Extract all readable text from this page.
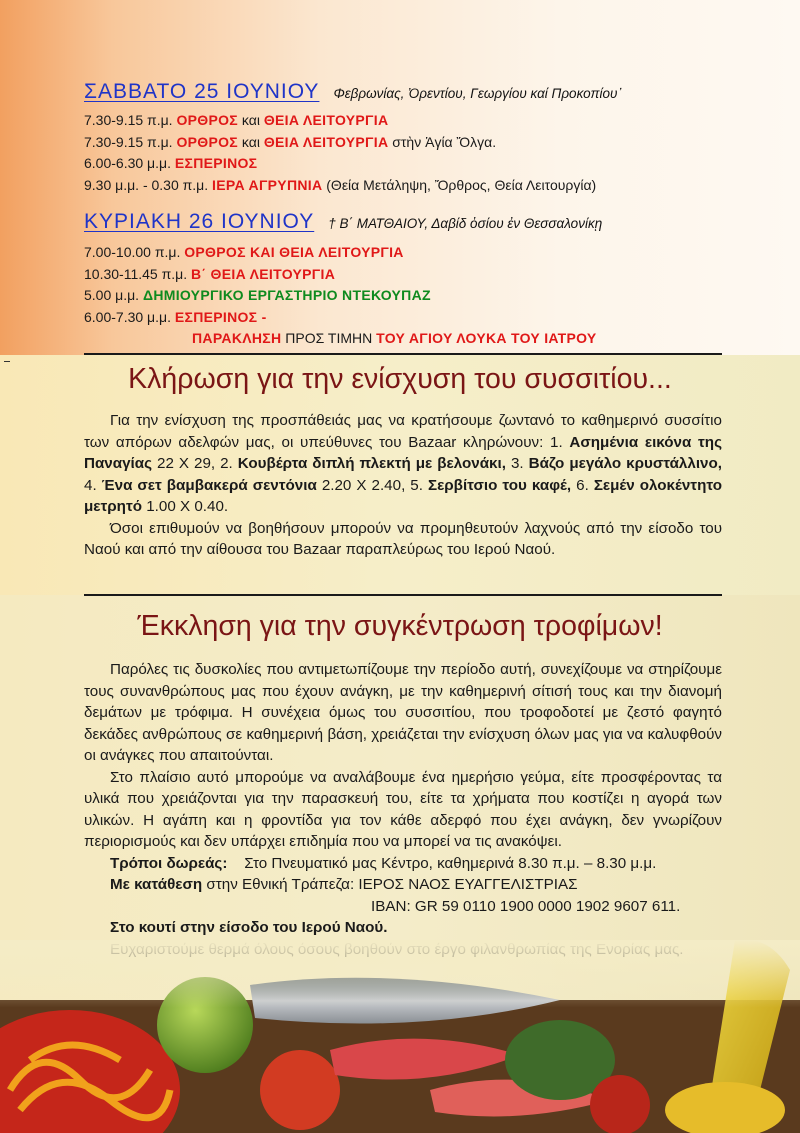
ΣΑΒΒΑΤΟ 25 ΙΟΥΝΙΟΥ Φεβρωνίας, Ὀρεντίου, Γεωργίου καί Προκοπίου᾿
7.30-9.15 π.μ. ΟΡΘΡΟΣ και ΘΕΙΑ ΛΕΙΤΟΥΡΓΙΑ
7.30-9.15 π.μ. ΟΡΘΡΟΣ και ΘΕΙΑ ΛΕΙΤΟΥΡΓΙΑ στὴν Ἁγία Ὄλγα.
6.00-6.30 μ.μ. ΕΣΠΕΡΙΝΟΣ
9.30 μ.μ. - 0.30 π.μ. ΙΕΡΑ ΑΓΡΥΠΝΙΑ (Θεία Μετάληψη, Ὄρθρος, Θεία Λειτουργία)
ΚΥΡΙΑΚΗ 26 ΙΟΥΝΙΟΥ † Β΄ ΜΑΤΘΑΙΟΥ, Δαβίδ ὁσίου ἐν Θεσσαλονίκῃ
7.00-10.00 π.μ. ΟΡΘΡΟΣ ΚΑΙ ΘΕΙΑ ΛΕΙΤΟΥΡΓΙΑ
10.30-11.45 π.μ. Β΄ ΘΕΙΑ ΛΕΙΤΟΥΡΓΙΑ
5.00 μ.μ. ΔΗΜΙΟΥΡΓΙΚΟ ΕΡΓΑΣΤΗΡΙΟ ΝΤΕΚΟΥΠΑΖ
6.00-7.30 μ.μ. ΕΣΠΕΡΙΝΟΣ -
ΠΑΡΑΚΛΗΣΗ ΠΡΟΣ ΤΙΜΗΝ ΤΟΥ ΑΓΙΟΥ ΛΟΥΚΑ ΤΟΥ ΙΑΤΡΟΥ
Κλήρωση για την ενίσχυση του συσσιτίου...

Για την ενίσχυση της προσπάθειάς μας να κρατήσουμε ζωντανό το καθημερινό συσσίτιο των απόρων αδελφών μας, οι υπεύθυνες του Bazaar κληρώνουν: 1. Ασημένια εικόνα της Παναγίας 22 Χ 29, 2. Κουβέρτα διπλή πλεκτή με βελονάκι, 3. Βάζο μεγάλο κρυστάλλινο, 4. Ένα σετ βαμβακερά σεντόνια 2.20 Χ 2.40, 5. Σερβίτσιο του καφέ, 6. Σεμέν ολοκέντητο μετρητό 1.00 Χ 0.40.

Όσοι επιθυμούν να βοηθήσουν μπορούν να προμηθευτούν λαχνούς από την είσοδο του Ναού και από την αίθουσα του Bazaar παραπλεύρως του Ιερού Ναού.

Έκκληση για την συγκέντρωση τροφίμων!

Παρόλες τις δυσκολίες που αντιμετωπίζουμε την περίοδο αυτή, συνεχίζουμε να στηρίζουμε τους συνανθρώπους μας που έχουν ανάγκη, με την καθημερινή σίτισή τους και την διανομή δεμάτων με τρόφιμα. Η συνέχεια όμως του συσσιτίου, που τροφοδοτεί με ζεστό φαγητό δεκάδες ανθρώπους σε καθημερινή βάση, χρειάζεται την ενίσχυση όλων μας για να καλυφθούν οι ανάγκες που απαιτούνται.

Στο πλαίσιο αυτό μπορούμε να αναλάβουμε ένα ημερήσιο γεύμα, είτε προσφέροντας τα υλικά που χρειάζονται για την παρασκευή του, είτε τα χρήματα που κοστίζει η αγορά των υλικών. Η αγάπη και η φροντίδα για τον κάθε αδερφό που έχει ανάγκη, δεν γνωρίζουν περιορισμούς και δεν υπάρχει επιδημία που να μπορεί να τις ανακόψει.

Τρόποι δωρεάς: Στο Πνευματικό μας Κέντρο, καθημερινά 8.30 π.μ. – 8.30 μ.μ.

Με κατάθεση στην Εθνική Τράπεζα: ΙΕΡΟΣ ΝΑΟΣ ΕΥΑΓΓΕΛΙΣΤΡΙΑΣ

IBAN: GR 59 0110 1900 0000 1902 9607 611.

Στο κουτί στην είσοδο του Ιερού Ναού.
